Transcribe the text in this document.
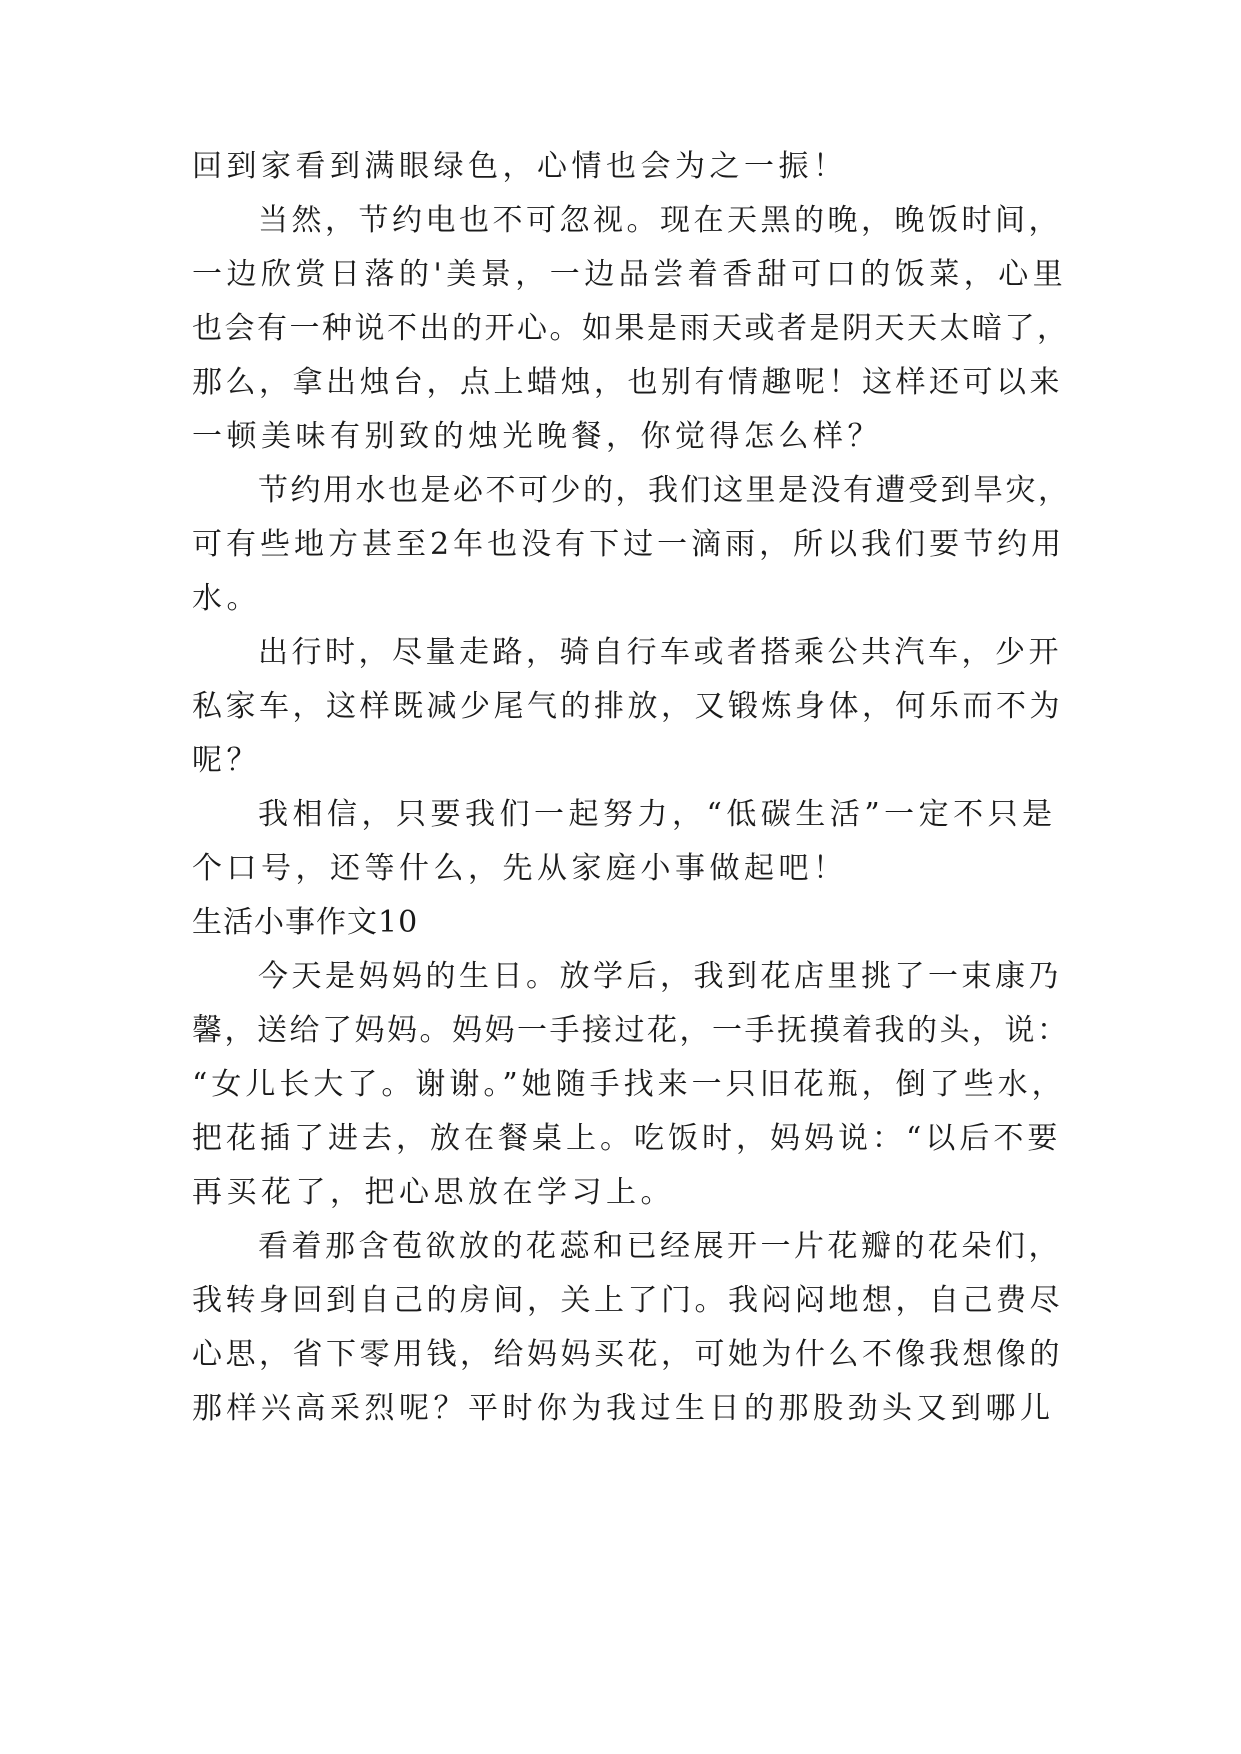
回到家看到满眼绿色，心情也会为之一振！

当然，节约电也不可忽视。现在天黑的晚，晚饭时间，

一边欣赏日落的'美景，一边品尝着香甜可口的饭菜，心里

也会有一种说不出的开心。如果是雨天或者是阴天天太暗了，

那么，拿出烛台，点上蜡烛，也别有情趣呢！这样还可以来

一顿美味有别致的烛光晚餐，你觉得怎么样？

节约用水也是必不可少的，我们这里是没有遭受到旱灾，

可有些地方甚至2年也没有下过一滴雨，所以我们要节约用

水。

出行时，尽量走路，骑自行车或者搭乘公共汽车，少开

私家车，这样既减少尾气的排放，又锻炼身体，何乐而不为

呢？

我相信，只要我们一起努力，“低碳生活”一定不只是

个口号，还等什么，先从家庭小事做起吧！

生活小事作文10

今天是妈妈的生日。放学后，我到花店里挑了一束康乃

馨，送给了妈妈。妈妈一手接过花，一手抚摸着我的头，说：

“女儿长大了。谢谢。”她随手找来一只旧花瓶，倒了些水，

把花插了进去，放在餐桌上。吃饭时，妈妈说：“以后不要

再买花了，把心思放在学习上。

看着那含苞欲放的花蕊和已经展开一片花瓣的花朵们，

我转身回到自己的房间，关上了门。我闷闷地想，自己费尽

心思，省下零用钱，给妈妈买花，可她为什么不像我想像的

那样兴高采烈呢？平时你为我过生日的那股劲头又到哪儿
